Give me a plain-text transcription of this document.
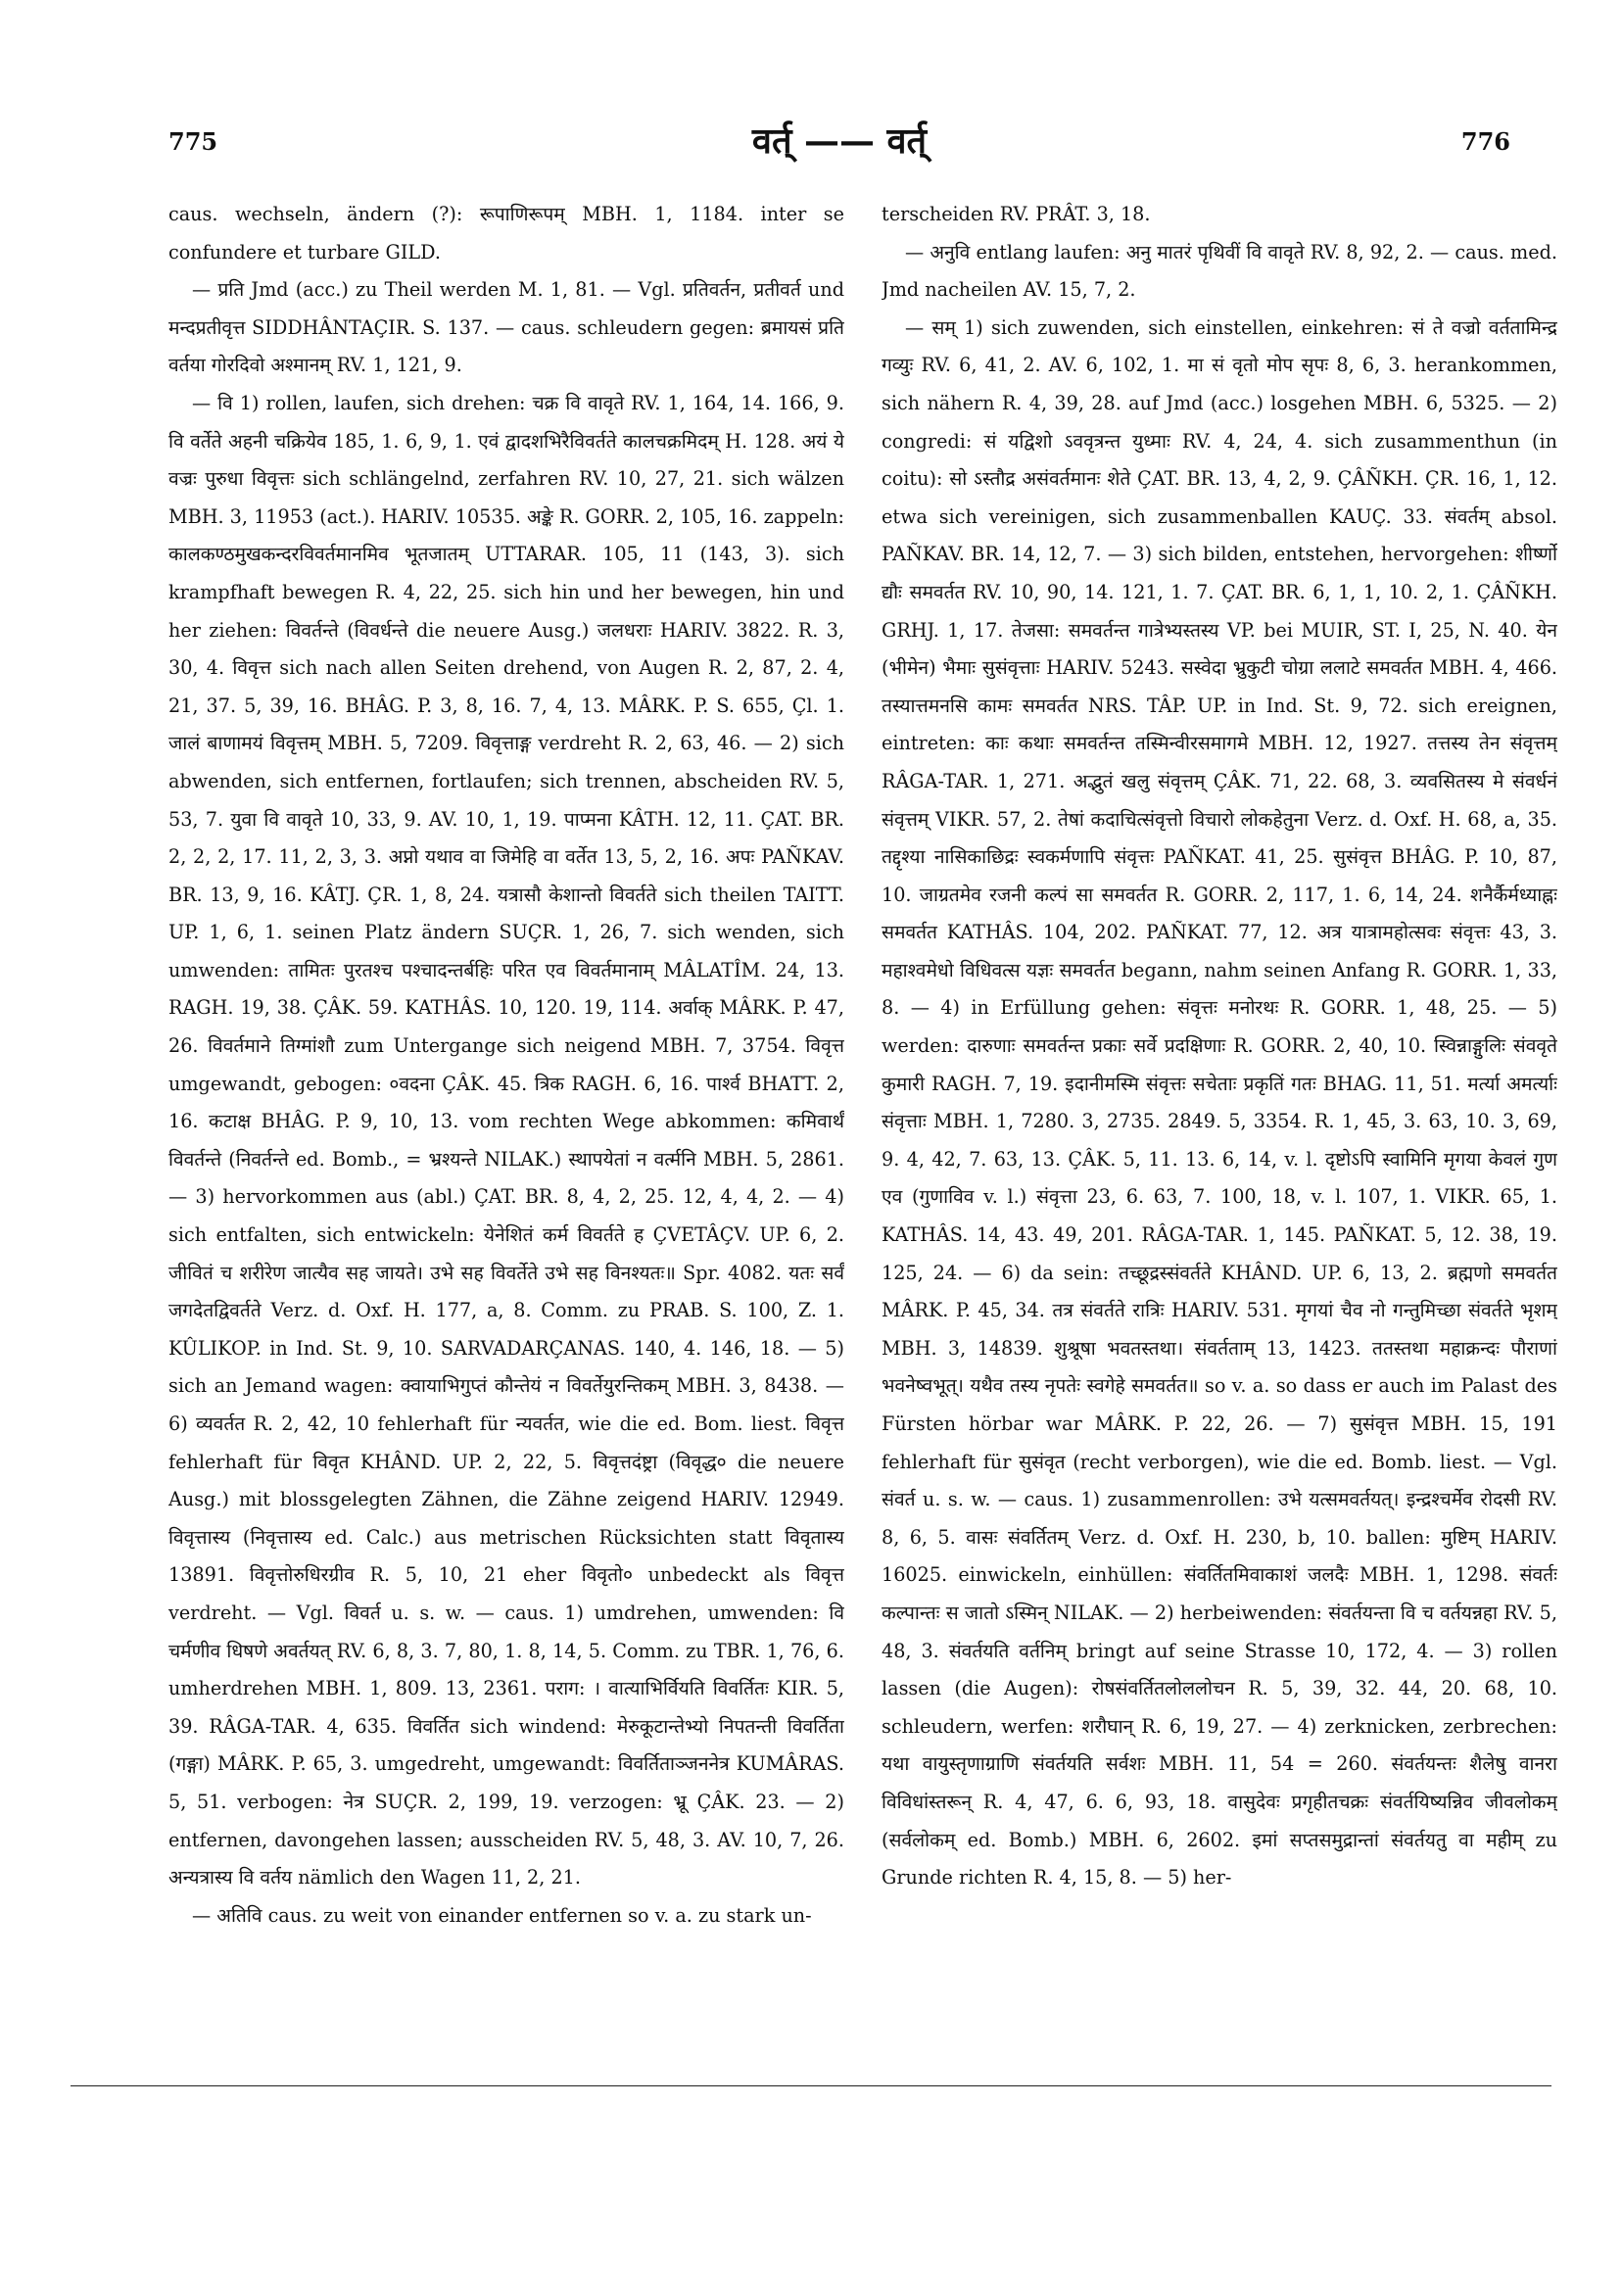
775	वर्त् —— वर्त्	776

caus. wechseln, ändern (?): रूपाणिरूपम् MBH. 1, 1184. inter se confundere et turbare GILD.

— प्रति Jmd (acc.) zu Theil werden M. 1, 81. — Vgl. प्रतिवर्तन, प्रतीवर्त und मन्दप्रतीवृत्त SIDDHÂNTAÇIR. S. 137. — caus. schleudern gegen: ब्रमायसं प्रति वर्तया गोरदिवो अश्मानम् RV. 1, 121, 9.

— वि 1) rollen, laufen, sich drehen: चक्र वि वावृते RV. 1, 164, 14. 166, 9. वि वर्तेते अहनी चक्रियेव 185, 1. 6, 9, 1. एवं द्वादशभिरैविवर्तते कालचक्रमिदम् H. 128. अयं ये वज्रः पुरुधा विवृत्तः sich schlängelnd, zerfahren RV. 10, 27, 21. sich wälzen MBH. 3, 11953 (act.). HARIV. 10535. अङ्के R. GORR. 2, 105, 16. zappeln: कालकण्ठमुखकन्दरविवर्तमानमिव भूतजातम् UTTARAR. 105, 11 (143, 3). sich krampfhaft bewegen R. 4, 22, 25. sich hin und her bewegen, hin und her ziehen: विवर्तन्ते (विवर्धन्ते die neuere Ausg.) जलधराः HARIV. 3822. R. 3, 30, 4. विवृत्त sich nach allen Seiten drehend, von Augen R. 2, 87, 2. 4, 21, 37. 5, 39, 16. BHÂG. P. 3, 8, 16. 7, 4, 13. MÂRK. P. S. 655, Çl. 1. जालं बाणामयं विवृत्तम् MBH. 5, 7209. विवृत्ताङ्ग verdreht R. 2, 63, 46. — 2) sich abwenden, sich entfernen, fortlaufen; sich trennen, abscheiden RV. 5, 53, 7. युवा वि वावृते 10, 33, 9. AV. 10, 1, 19. पाप्मना KÂTH. 12, 11. ÇAT. BR. 2, 2, 2, 17. 11, 2, 3, 3. अप्नो यथाव वा जिमेहि वा वर्तेत 13, 5, 2, 16. अपः PAÑKAV. BR. 13, 9, 16. KÂTJ. ÇR. 1, 8, 24. यत्रासौ केशान्तो विवर्तते sich theilen TAITT. UP. 1, 6, 1. seinen Platz ändern SUÇR. 1, 26, 7. sich wenden, sich umwenden: तामितः पुरतश्च पश्चादन्तर्बहिः परित एव विवर्तमानाम् MÂLATÎM. 24, 13. RAGH. 19, 38. ÇÂK. 59. KATHÂS. 10, 120. 19, 114. अर्वाक् MÂRK. P. 47, 26. विवर्तमाने तिग्मांशौ zum Untergange sich neigend MBH. 7, 3754. विवृत्त umgewandt, gebogen: ०वदना ÇÂK. 45. त्रिक RAGH. 6, 16. पार्श्व BHATT. 2, 16. कटाक्ष BHÂG. P. 9, 10, 13. vom rechten Wege abkommen: कमिवार्थं विवर्तन्ते (निवर्तन्ते ed. Bomb., = भ्रश्यन्ते NILAK.) स्थापयेतां न वर्त्मनि MBH. 5, 2861. — 3) hervorkommen aus (abl.) ÇAT. BR. 8, 4, 2, 25. 12, 4, 4, 2. — 4) sich entfalten, sich entwickeln: येनेशितं कर्म विवर्तते ह ÇVETÂÇV. UP. 6, 2. जीवितं च शरीरेण जात्यैव सह जायते। उभे सह विवर्तेते उभे सह विनश्यतः॥ Spr. 4082. यतः सर्वं जगदेतद्विवर्तते Verz. d. Oxf. H. 177, a, 8. Comm. zu PRAB. S. 100, Z. 1. KÛLIKOP. in Ind. St. 9, 10. SARVADARÇANAS. 140, 4. 146, 18. — 5) sich an Jemand wagen: क्वायाभिगुप्तं कौन्तेयं न विवर्तेयुरन्तिकम् MBH. 3, 8438. — 6) व्यवर्तत R. 2, 42, 10 fehlerhaft für न्यवर्तत, wie die ed. Bom. liest. विवृत्त fehlerhaft für विवृत KHÂND. UP. 2, 22, 5. विवृत्तदंष्ट्रा (विवृद्ध० die neuere Ausg.) mit blossgelegten Zähnen, die Zähne zeigend HARIV. 12949. विवृत्तास्य (निवृत्तास्य ed. Calc.) aus metrischen Rücksichten statt विवृतास्य 13891. विवृत्तोरुधिरग्रीव R. 5, 10, 21 eher विवृतो० unbedeckt als विवृत्त verdreht. — Vgl. विवर्त u. s. w. — caus. 1) umdrehen, umwenden: वि चर्मणीव धिषणे अवर्तयत् RV. 6, 8, 3. 7, 80, 1. 8, 14, 5. Comm. zu TBR. 1, 76, 6. umherdrehen MBH. 1, 809. 13, 2361. पराग: । वात्याभिर्वियति विवर्तितः KIR. 5, 39. RÂGA-TAR. 4, 635. विवर्तित sich windend: मेरुकूटान्तेभ्यो निपतन्ती विवर्तिता (गङ्गा) MÂRK. P. 65, 3. umgedreht, umgewandt: विवर्तिताञ्जननेत्र KUMÂRAS. 5, 51. verbogen: नेत्र SUÇR. 2, 199, 19. verzogen: भ्रू ÇÂK. 23. — 2) entfernen, davongehen lassen; ausscheiden RV. 5, 48, 3. AV. 10, 7, 26. अन्यत्रास्य वि वर्तय nämlich den Wagen 11, 2, 21.

— अतिवि caus. zu weit von einander entfernen so v. a. zu stark un-

terscheiden RV. PRÂT. 3, 18.

— अनुवि entlang laufen: अनु मातरं पृथिवीं वि वावृते RV. 8, 92, 2. — caus. med. Jmd nacheilen AV. 15, 7, 2.

— सम् 1) sich zuwenden, sich einstellen, einkehren: सं ते वज्रो वर्ततामिन्द्र गव्युः RV. 6, 41, 2. AV. 6, 102, 1. मा सं वृतो मोप सृपः 8, 6, 3. herankommen, sich nähern R. 4, 39, 28. auf Jmd (acc.) losgehen MBH. 6, 5325. — 2) congredi: सं यद्विशो ऽववृत्रन्त युध्माः RV. 4, 24, 4. sich zusammenthun (in coitu): सो ऽस्तौद्र असंवर्तमानः शेते ÇAT. BR. 13, 4, 2, 9. ÇÂÑKH. ÇR. 16, 1, 12. etwa sich vereinigen, sich zusammenballen KAUÇ. 33. संवर्तम् absol. PAÑKAV. BR. 14, 12, 7. — 3) sich bilden, entstehen, hervorgehen: शीर्ष्णो द्यौः समवर्तत RV. 10, 90, 14. 121, 1. 7. ÇAT. BR. 6, 1, 1, 10. 2, 1. ÇÂÑKH. GRHJ. 1, 17. तेजसा: समवर्तन्त गात्रेभ्यस्तस्य VP. bei MUIR, ST. I, 25, N. 40. येन (भीमेन) भैमाः सुसंवृत्ताः HARIV. 5243. सस्वेदा भ्रुकुटी चोग्रा ललाटे समवर्तत MBH. 4, 466. तस्यात्तमनसि कामः समवर्तत NRS. TÂP. UP. in Ind. St. 9, 72. sich ereignen, eintreten: काः कथाः समवर्तन्त तस्मिन्वीरसमागमे MBH. 12, 1927. तत्तस्य तेन संवृत्तम् RÂGA-TAR. 1, 271. अद्भुतं खलु संवृत्तम् ÇÂK. 71, 22. 68, 3. व्यवसितस्य मे संवर्धनं संवृत्तम् VIKR. 57, 2. तेषां कदाचित्संवृत्तो विचारो लोकहेतुना Verz. d. Oxf. H. 68, a, 35. तद्दृश्या नासिकाछिद्रः स्वकर्मणापि संवृत्तः PAÑKAT. 41, 25. सुसंवृत्त BHÂG. P. 10, 87, 10. जाग्रतमेव रजनी कल्पं सा समवर्तत R. GORR. 2, 117, 1. 6, 14, 24. शनैर्कैर्मध्याह्नः समवर्तत KATHÂS. 104, 202. PAÑKAT. 77, 12. अत्र यात्रामहोत्सवः संवृत्तः 43, 3. महाश्वमेधो विधिवत्स यज्ञः समवर्तत begann, nahm seinen Anfang R. GORR. 1, 33, 8. — 4) in Erfüllung gehen: संवृत्तः मनोरथः R. GORR. 1, 48, 25. — 5) werden: दारुणाः समवर्तन्त प्रकाः सर्वे प्रदक्षिणाः R. GORR. 2, 40, 10. स्विन्नाङ्गुलिः संववृते कुमारी RAGH. 7, 19. इदानीमस्मि संवृत्तः सचेताः प्रकृतिं गतः BHAG. 11, 51. मर्त्या अमर्त्याः संवृत्ताः MBH. 1, 7280. 3, 2735. 2849. 5, 3354. R. 1, 45, 3. 63, 10. 3, 69, 9. 4, 42, 7. 63, 13. ÇÂK. 5, 11. 13. 6, 14, v. l. दृष्टोऽपि स्वामिनि मृगया केवलं गुण एव (गुणाविव v. l.) संवृत्ता 23, 6. 63, 7. 100, 18, v. l. 107, 1. VIKR. 65, 1. KATHÂS. 14, 43. 49, 201. RÂGA-TAR. 1, 145. PAÑKAT. 5, 12. 38, 19. 125, 24. — 6) da sein: तच्छूद्रस्संवर्तते KHÂND. UP. 6, 13, 2. ब्रह्मणो समवर्तत MÂRK. P. 45, 34. तत्र संवर्तते रात्रिः HARIV. 531. मृगयां चैव नो गन्तुमिच्छा संवर्तते भृशम् MBH. 3, 14839. शुश्रूषा भवतस्तथा। संवर्तताम् 13, 1423. ततस्तथा महाक्रन्दः पौराणां भवनेष्वभूत्। यथैव तस्य नृपतेः स्वगेहे समवर्तत॥ so v. a. so dass er auch im Palast des Fürsten hörbar war MÂRK. P. 22, 26. — 7) सुसंवृत्त MBH. 15, 191 fehlerhaft für सुसंवृत (recht verborgen), wie die ed. Bomb. liest. — Vgl. संवर्त u. s. w. — caus. 1) zusammenrollen: उभे यत्समवर्तयत्। इन्द्रश्चर्मेव रोदसी RV. 8, 6, 5. वासः संवर्तितम् Verz. d. Oxf. H. 230, b, 10. ballen: मुष्टिम् HARIV. 16025. einwickeln, einhüllen: संवर्तितमिवाकाशं जलदैः MBH. 1, 1298. संवर्तः कल्पान्तः स जातो ऽस्मिन् NILAK. — 2) herbeiwenden: संवर्तयन्ता वि च वर्तयन्नहा RV. 5, 48, 3. संवर्तयति वर्तनिम् bringt auf seine Strasse 10, 172, 4. — 3) rollen lassen (die Augen): रोषसंवर्तितलोललोचन R. 5, 39, 32. 44, 20. 68, 10. schleudern, werfen: शरौघान् R. 6, 19, 27. — 4) zerknicken, zerbrechen: यथा वायुस्तृणाग्राणि संवर्तयति सर्वशः MBH. 11, 54 = 260. संवर्तयन्तः शैलेषु वानरा विविधांस्तरून् R. 4, 47, 6. 6, 93, 18. वासुदेवः प्रगृहीतचक्रः संवर्तयिष्यन्निव जीवलोकम् (सर्वलोकम् ed. Bomb.) MBH. 6, 2602. इमां सप्तसमुद्रान्तां संवर्तयतु वा महीम् zu Grunde richten R. 4, 15, 8. — 5) her-
